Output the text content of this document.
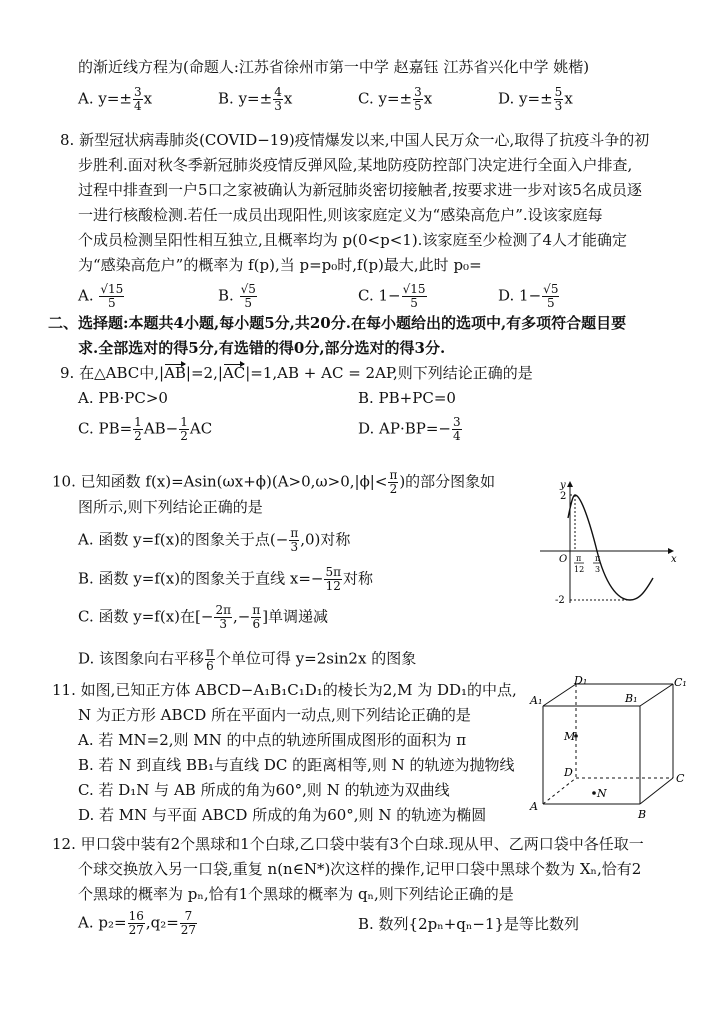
的渐近线方程为(命题人:江苏省徐州市第一中学 赵嘉钰 江苏省兴化中学 姚楷)
A. $y=\pm \frac{3}{4}$ x	B. $y=\pm \frac{4}{3}$ x	C. $y=\pm \frac{3}{5}$ x	D. $y=\pm \frac{5}{3}$ x
8. 新型冠状病毒肺炎(COVID−19)疫情爆发以来,中国人民万众一心,取得了抗疫斗争的初
步胜利.面对秋冬季新冠肺炎疫情反弹风险,某地防疫防控部门决定进行全面入户排查,
过程中排查到一户5口之家被确认为新冠肺炎密切接触者,按要求进一步对该5名成员逐
一进行核酸检测.若任一成员出现阳性,则该家庭定义为“感染高危户”.设该家庭每
个成员检测呈阳性相互独立,且概率均为 p(0<p<1).该家庭至少检测了4人才能确定
为“感染高危户”的概率为 f(p),当 p=p₀时,f(p)最大,此时 p₀=
A. $\frac{√15}{5}$	B. $\frac{√5}{5}$	C. $1- \frac{√15}{5}$	D. $1- \frac{√5}{5}$
二、选择题:本题共4小题,每小题5分,共20分.在每小题给出的选项中,有多项符合题目要
求.全部选对的得5分,有选错的得0分,部分选对的得3分.
9. 在△ABC中,|AB|=2,|AC|=1,AB + AC = 2AP,则下列结论正确的是
A. PB·PC>0	B. PB+PC=0
C. $PB= \frac{1}{2} AB- \frac{1}{2}$ AC	D. $AP\cdot BP=- \frac{3}{4}$
10. 已知函数 $f(x)=Asin(\omega x+\phi)(A>0,\omega>0,|\phi|< \frac{\pi}{2}$ )的部分图象如
图所示,则下列结论正确的是
A. 函数 y=f(x)的图象关于点(− $\frac{\pi}{3} ,0$)对称
B. 函数 y=f(x)的图象关于直线 $x=- \frac{5\pi}{12}$ 对称
C. 函数 y=f(x)在[− $\frac{2\pi}{3}$ ,− $\frac{\pi}{6}$ ]单调递减
D. 该图象向右平移 $\frac{\pi}{6}$ 个单位可得 y=2sin2x 的图象
y
x
O
2
-2
π
12
π
3
11. 如图,已知正方体 ABCD−A₁B₁C₁D₁的棱长为2,M 为 DD₁的中点,
N 为正方形 ABCD 所在平面内一动点,则下列结论正确的是
A. 若 MN=2,则 MN 的中点的轨迹所围成图形的面积为 π
B. 若 N 到直线 BB₁与直线 DC 的距离相等,则 N 的轨迹为抛物线
C. 若 D₁N 与 AB 所成的角为60°,则 N 的轨迹为双曲线
D. 若 MN 与平面 ABCD 所成的角为60°,则 N 的轨迹为椭圆	A
B
C
D
A₁	B₁
C₁
D₁
M
N
12. 甲口袋中装有2个黑球和1个白球,乙口袋中装有3个白球.现从甲、乙两口袋中各任取一
个球交换放入另一口袋,重复 n(n∈N*)次这样的操作,记甲口袋中黑球个数为 Xₙ,恰有2
个黑球的概率为 pₙ,恰有1个黑球的概率为 qₙ,则下列结论正确的是
A. $p_2= \frac{16}{27} ,q_2= \frac{7}{27}$	B. 数列{2pₙ+qₙ−1}是等比数列
